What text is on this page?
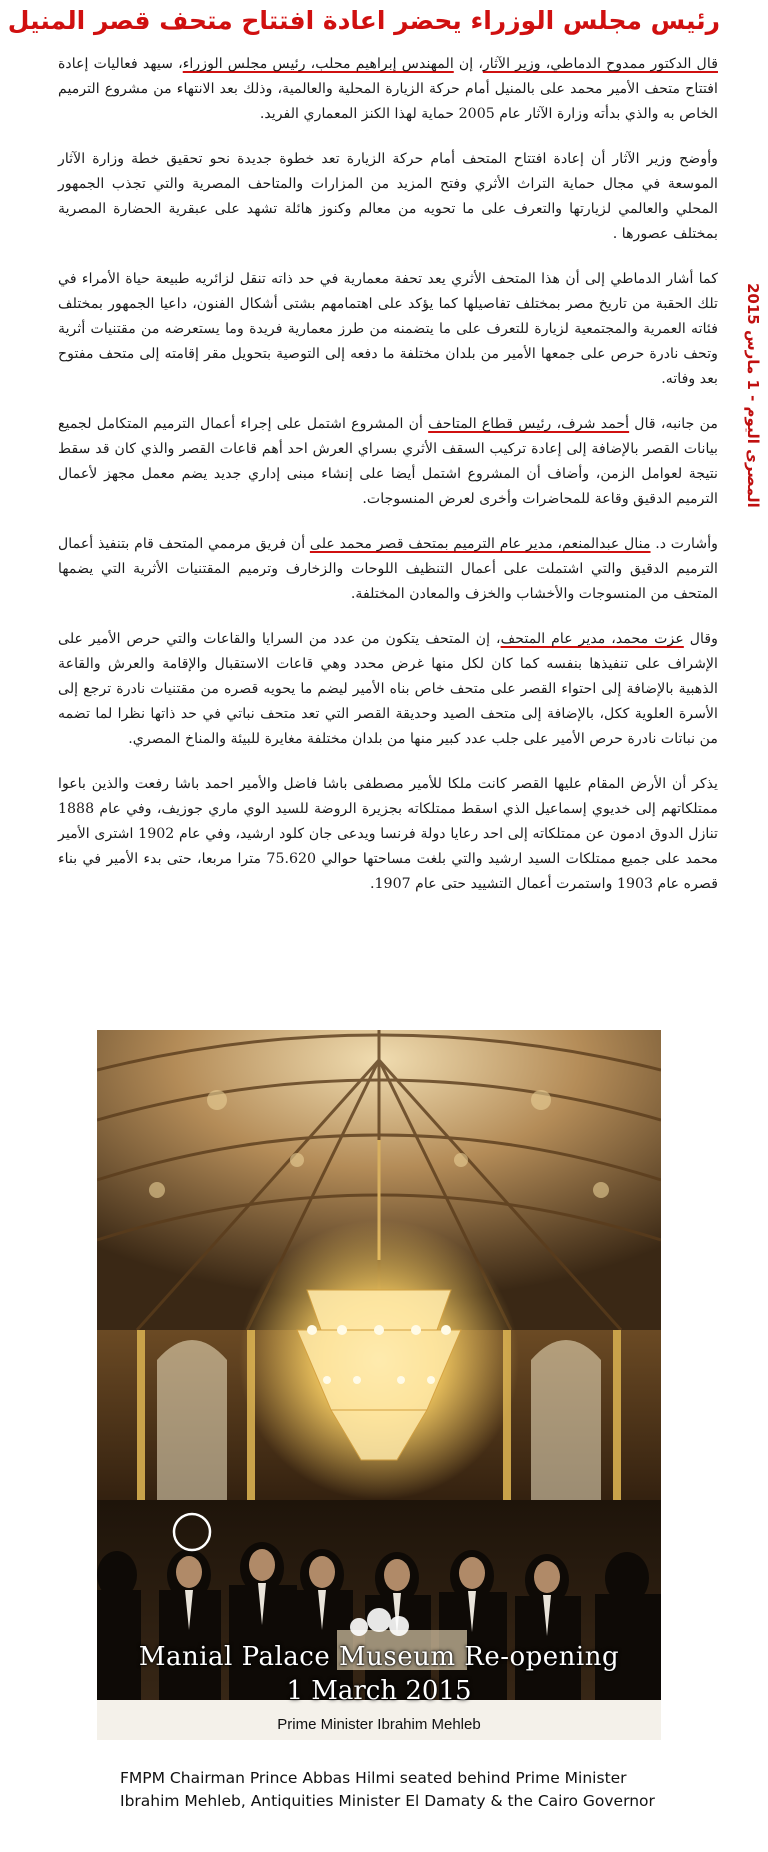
رئيس مجلس الوزراء يحضر اعادة افتتاح متحف قصر المنيل
المصرى اليوم - 1 مارس 2015

قال الدكتور ممدوح الدماطي، وزير الآثار، إن المهندس إبراهيم محلب، رئيس مجلس الوزراء، سيهد فعاليات إعادة افتتاح متحف الأمير محمد على بالمنيل أمام حركة الزيارة المحلية والعالمية، وذلك بعد الانتهاء من مشروع الترميم الخاص به والذي بدأته وزارة الآثار عام 2005 حماية لهذا الكنز المعماري الفريد.

وأوضح وزير الآثار أن إعادة افتتاح المتحف أمام حركة الزيارة تعد خطوة جديدة نحو تحقيق خطة وزارة الآثار الموسعة في مجال حماية التراث الأثري وفتح المزيد من المزارات والمتاحف المصرية والتي تجذب الجمهور المحلي والعالمي لزيارتها والتعرف على ما تحويه من معالم وكنوز هائلة تشهد على عبقرية الحضارة المصرية بمختلف عصورها .

كما أشار الدماطي إلى أن هذا المتحف الأثري يعد تحفة معمارية في حد ذاته تنقل لزائريه طبيعة حياة الأمراء في تلك الحقبة من تاريخ مصر بمختلف تفاصيلها كما يؤكد على اهتمامهم بشتى أشكال الفنون، داعيا الجمهور بمختلف فئاته العمرية والمجتمعية لزيارة للتعرف على ما يتضمنه من طرز معمارية فريدة وما يستعرضه من مقتنيات أثرية وتحف نادرة حرص على جمعها الأمير من بلدان مختلفة ما دفعه إلى التوصية بتحويل مقر إقامته إلى متحف مفتوح بعد وفاته.

من جانبه، قال أحمد شرف، رئيس قطاع المتاحف أن المشروع اشتمل على إجراء أعمال الترميم المتكامل لجميع بيانات القصر بالإضافة إلى إعادة تركيب السقف الأثري بسراي العرش احد أهم قاعات القصر والذي كان قد سقط نتيجة لعوامل الزمن، وأضاف أن المشروع اشتمل أيضا على إنشاء مبنى إداري جديد يضم معمل مجهز لأعمال الترميم الدقيق وقاعة للمحاضرات وأخرى لعرض المنسوجات.

وأشارت د. منال عبدالمنعم، مدير عام الترميم بمتحف قصر محمد على أن فريق مرممي المتحف قام بتنفيذ أعمال الترميم الدقيق والتي اشتملت على أعمال التنظيف اللوحات والزخارف وترميم المقتنيات الأثرية التي يضمها المتحف من المنسوجات والأخشاب والخزف والمعادن المختلفة.

وقال عزت محمد، مدير عام المتحف، إن المتحف يتكون من عدد من السرايا والقاعات والتي حرص الأمير على الإشراف على تنفيذها بنفسه كما كان لكل منها غرض محدد وهي قاعات الاستقبال والإقامة والعرش والقاعة الذهبية بالإضافة إلى احتواء القصر على متحف خاص بناه الأمير ليضم ما يحويه قصره من مقتنيات نادرة ترجع إلى الأسرة العلوية ككل، بالإضافة إلى متحف الصيد وحديقة القصر التي تعد متحف نباتي في حد ذاتها نظرا لما تضمه من نباتات نادرة حرص الأمير على جلب عدد كبير منها من بلدان مختلفة مغايرة للبيئة والمناخ المصري.

يذكر أن الأرض المقام عليها القصر كانت ملكا للأمير مصطفى باشا فاضل والأمير احمد باشا رفعت والذين باعوا ممتلكاتهم إلى خديوي إسماعيل الذي اسقط ممتلكاته بجزيرة الروضة للسيد الوي ماري جوزيف، وفي عام 1888 تنازل الدوق ادمون عن ممتلكاته إلى احد رعايا دولة فرنسا ويدعى جان كلود ارشيد، وفي عام 1902 اشترى الأمير محمد على جميع ممتلكات السيد ارشيد والتي بلغت مساحتها حوالي 75.620 مترا مربعا، حتى بدء الأمير في بناء قصره عام 1903 واستمرت أعمال التشييد حتى عام 1907.

Manial Palace Museum Re-opening
1 March 2015
Prime Minister Ibrahim Mehleb
FMPM Chairman Prince Abbas Hilmi seated behind Prime Minister Ibrahim Mehleb, Antiquities Minister El Damaty & the Cairo Governor
